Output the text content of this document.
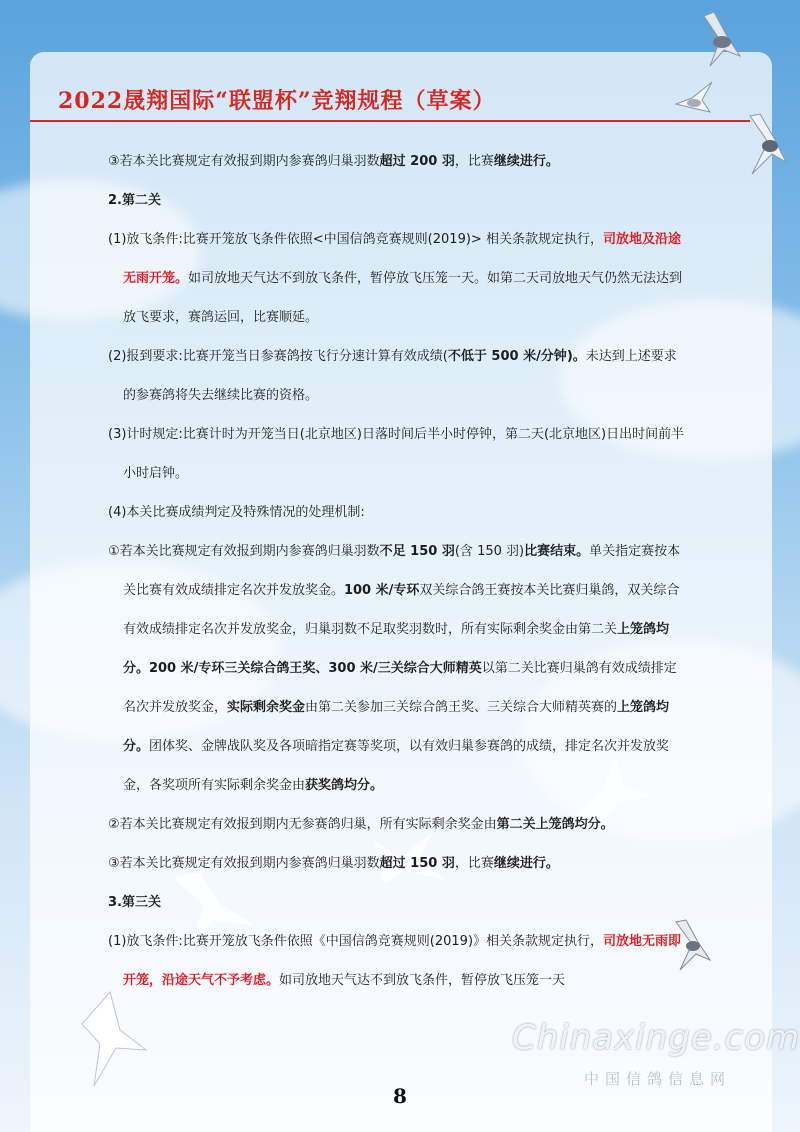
2022晟翔国际“联盟杯”竞翔规程（草案）

③若本关比赛规定有效报到期内参赛鸽归巢羽数超过 200 羽，比赛继续进行。

2.第二关

(1)放飞条件:比赛开笼放飞条件依照<中国信鸽竞赛规则(2019)> 相关条款规定执行，司放地及沿途无雨开笼。如司放地天气达不到放飞条件，暂停放飞压笼一天。如第二天司放地天气仍然无法达到放飞要求，赛鸽运回，比赛顺延。

(2)报到要求:比赛开笼当日参赛鸽按飞行分速计算有效成绩(不低于 500 米/分钟)。未达到上述要求的参赛鸽将失去继续比赛的资格。

(3)计时规定:比赛计时为开笼当日(北京地区)日落时间后半小时停钟，第二天(北京地区)日出时间前半小时启钟。

(4)本关比赛成绩判定及特殊情况的处理机制:

①若本关比赛规定有效报到期内参赛鸽归巢羽数不足 150 羽(含 150 羽)比赛结束。单关指定赛按本关比赛有效成绩排定名次并发放奖金。100 米/专环双关综合鸽王赛按本关比赛归巢鸽，双关综合有效成绩排定名次并发放奖金，归巢羽数不足取奖羽数时，所有实际剩余奖金由第二关上笼鸽均分。200 米/专环三关综合鸽王奖、300 米/三关综合大师精英以第二关比赛归巢鸽有效成绩排定名次并发放奖金，实际剩余奖金由第二关参加三关综合鸽王奖、三关综合大师精英赛的上笼鸽均分。团体奖、金牌战队奖及各项暗指定赛等奖项，以有效归巢参赛鸽的成绩，排定名次并发放奖金，各奖项所有实际剩余奖金由获奖鸽均分。

②若本关比赛规定有效报到期内无参赛鸽归巢，所有实际剩余奖金由第二关上笼鸽均分。

③若本关比赛规定有效报到期内参赛鸽归巢羽数超过 150 羽，比赛继续进行。

3.第三关

(1)放飞条件:比赛开笼放飞条件依照《中国信鸽竞赛规则(2019)》相关条款规定执行，司放地无雨即开笼，沿途天气不予考虑。如司放地天气达不到放飞条件，暂停放飞压笼一天

Chinaxinge.com
中国信鸽信息网
8
